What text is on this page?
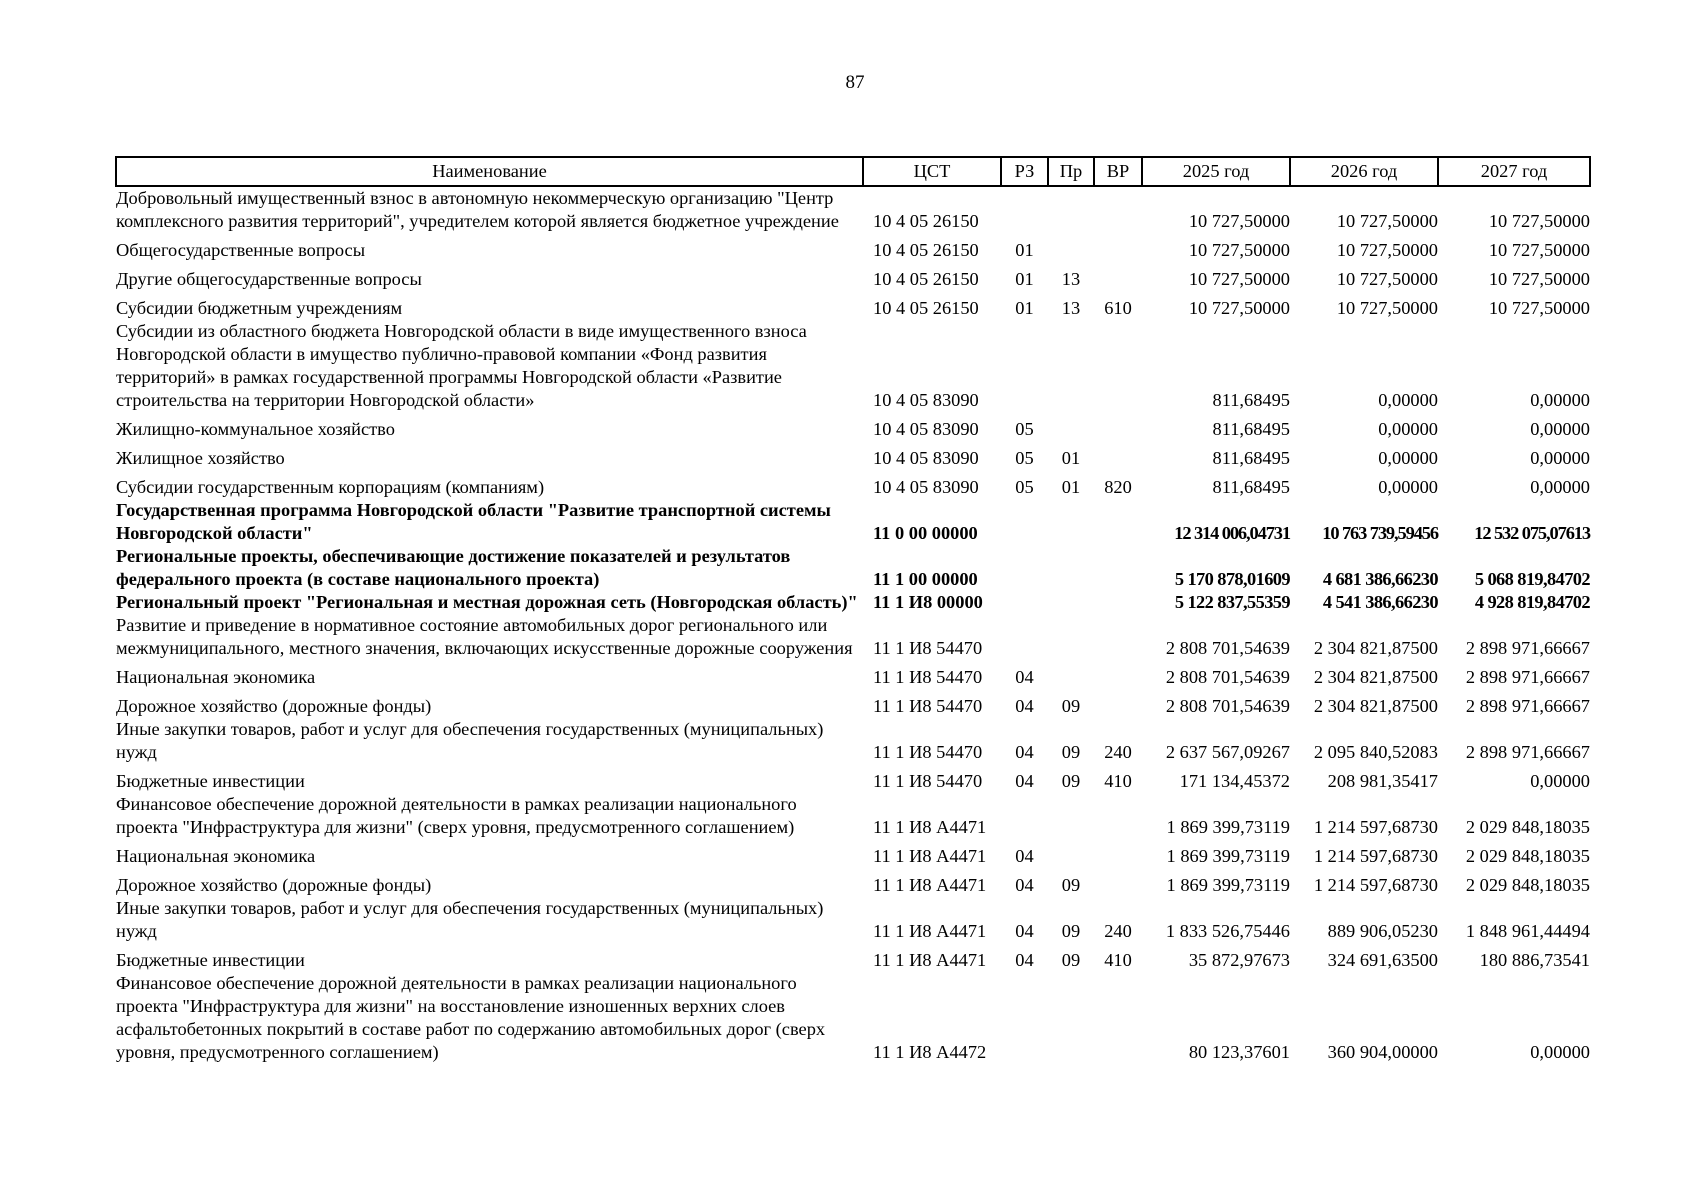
87
Наименование	ЦСТ	РЗ	Пр	ВР	2025 год	2026 год	2027 год
Добровольный имущественный взнос в автономную некоммерческую организацию "Центр комплексного развития территорий", учредителем которой является бюджетное учреждение	10 4 05 26150				10 727,50000	10 727,50000	10 727,50000
Общегосударственные вопросы	10 4 05 26150	01			10 727,50000	10 727,50000	10 727,50000
Другие общегосударственные вопросы	10 4 05 26150	01	13		10 727,50000	10 727,50000	10 727,50000
Субсидии бюджетным учреждениям	10 4 05 26150	01	13	610	10 727,50000	10 727,50000	10 727,50000
Субсидии из областного бюджета Новгородской области в виде имущественного взноса Новгородской области в имущество публично-правовой компании «Фонд развития территорий» в рамках государственной программы Новгородской области «Развитие строительства на территории Новгородской области»	10 4 05 83090				811,68495	0,00000	0,00000
Жилищно-коммунальное хозяйство	10 4 05 83090	05			811,68495	0,00000	0,00000
Жилищное хозяйство	10 4 05 83090	05	01		811,68495	0,00000	0,00000
Субсидии государственным корпорациям (компаниям)	10 4 05 83090	05	01	820	811,68495	0,00000	0,00000
Государственная программа Новгородской области "Развитие транспортной системы Новгородской области"	11 0 00 00000				12 314 006,04731	10 763 739,59456	12 532 075,07613
Региональные проекты, обеспечивающие достижение показателей и результатов федерального проекта (в составе национального проекта)	11 1 00 00000				5 170 878,01609	4 681 386,66230	5 068 819,84702
Региональный проект "Региональная и местная дорожная сеть (Новгородская область)"	11 1 И8 00000				5 122 837,55359	4 541 386,66230	4 928 819,84702
Развитие и приведение в нормативное состояние автомобильных дорог регионального или межмуниципального, местного значения, включающих искусственные дорожные сооружения	11 1 И8 54470				2 808 701,54639	2 304 821,87500	2 898 971,66667
Национальная экономика	11 1 И8 54470	04			2 808 701,54639	2 304 821,87500	2 898 971,66667
Дорожное хозяйство (дорожные фонды)	11 1 И8 54470	04	09		2 808 701,54639	2 304 821,87500	2 898 971,66667
Иные закупки товаров, работ и услуг для обеспечения государственных (муниципальных) нужд	11 1 И8 54470	04	09	240	2 637 567,09267	2 095 840,52083	2 898 971,66667
Бюджетные инвестиции	11 1 И8 54470	04	09	410	171 134,45372	208 981,35417	0,00000
Финансовое обеспечение дорожной деятельности в рамках реализации национального проекта "Инфраструктура для жизни" (сверх уровня, предусмотренного соглашением)	11 1 И8 А4471				1 869 399,73119	1 214 597,68730	2 029 848,18035
Национальная экономика	11 1 И8 А4471	04			1 869 399,73119	1 214 597,68730	2 029 848,18035
Дорожное хозяйство (дорожные фонды)	11 1 И8 А4471	04	09		1 869 399,73119	1 214 597,68730	2 029 848,18035
Иные закупки товаров, работ и услуг для обеспечения государственных (муниципальных) нужд	11 1 И8 А4471	04	09	240	1 833 526,75446	889 906,05230	1 848 961,44494
Бюджетные инвестиции	11 1 И8 А4471	04	09	410	35 872,97673	324 691,63500	180 886,73541
Финансовое обеспечение дорожной деятельности в рамках реализации национального проекта "Инфраструктура для жизни" на восстановление изношенных верхних слоев асфальтобетонных покрытий в составе работ по содержанию автомобильных дорог (сверх уровня, предусмотренного соглашением)	11 1 И8 А4472				80 123,37601	360 904,00000	0,00000
